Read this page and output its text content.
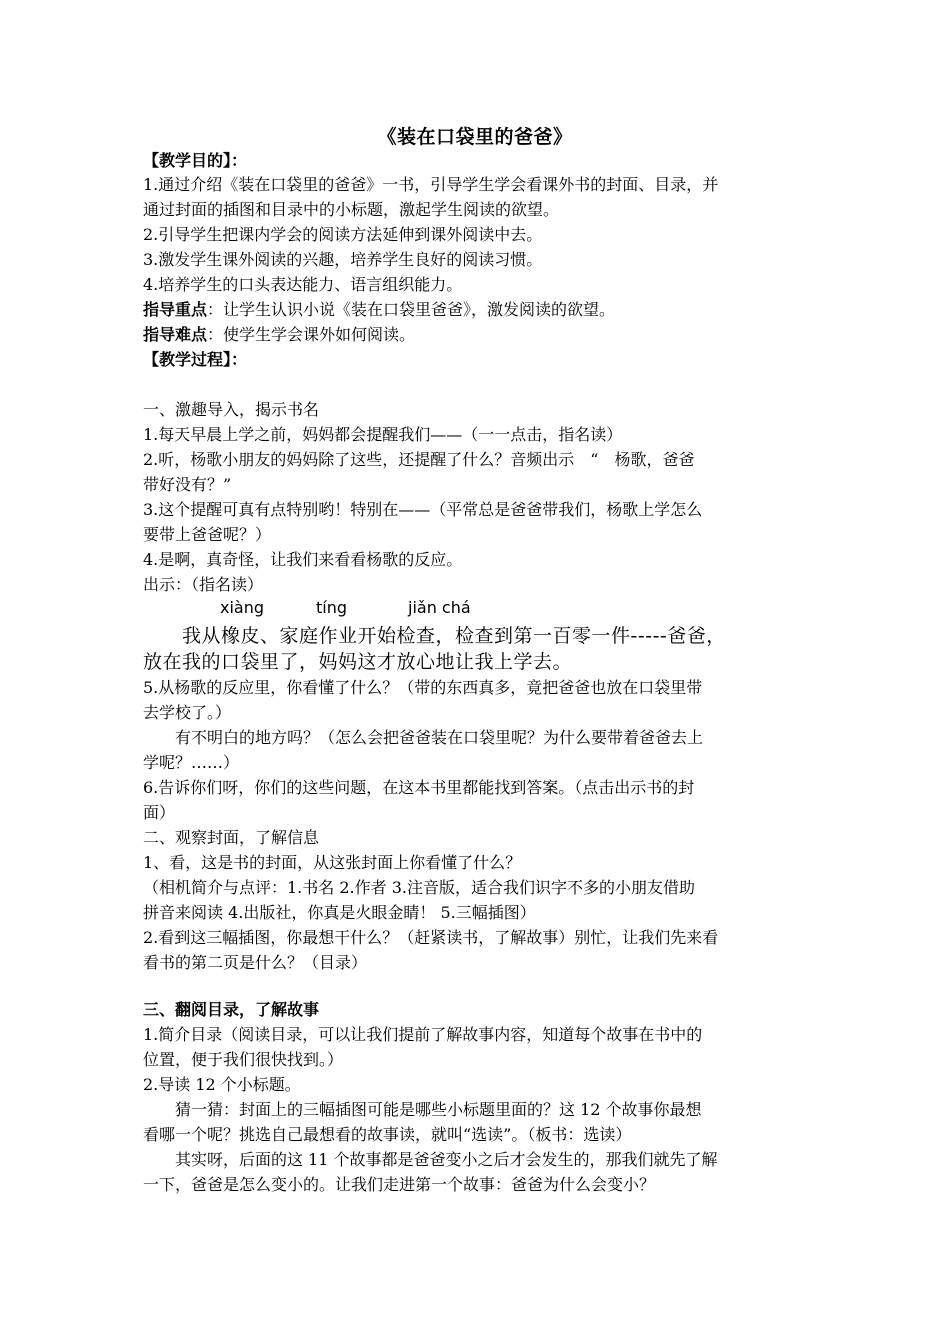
《装在口袋里的爸爸》
【教学目的】：
1.通过介绍《装在口袋里的爸爸》一书，引导学生学会看课外书的封面、目录，并
通过封面的插图和目录中的小标题，激起学生阅读的欲望。
2.引导学生把课内学会的阅读方法延伸到课外阅读中去。
3.激发学生课外阅读的兴趣，培养学生良好的阅读习惯。
4.培养学生的口头表达能力、语言组织能力。
指导重点：让学生认识小说《装在口袋里爸爸》，激发阅读的欲望。
指导难点：使学生学会课外如何阅读。
【教学过程】：
一、激趣导入，揭示书名
1.每天早晨上学之前，妈妈都会提醒我们——（一一点击，指名读）
2.听，杨歌小朋友的妈妈除了这些，还提醒了什么？音频出示　“　杨歌，爸爸
带好没有？”
3.这个提醒可真有点特别哟！特别在——（平常总是爸爸带我们，杨歌上学怎么
要带上爸爸呢？）
4.是啊，真奇怪，让我们来看看杨歌的反应。
出示：（指名读）
xiàng	tíng	jiǎn chá
　　我从橡皮、家庭作业开始检查，检查到第一百零一件-----爸爸，
放在我的口袋里了，妈妈这才放心地让我上学去。
5.从杨歌的反应里，你看懂了什么？（带的东西真多，竟把爸爸也放在口袋里带
去学校了。）
　　有不明白的地方吗？（怎么会把爸爸装在口袋里呢？为什么要带着爸爸去上
学呢？……）
6.告诉你们呀，你们的这些问题，在这本书里都能找到答案。（点击出示书的封
面）
二、观察封面，了解信息
1、看，这是书的封面，从这张封面上你看懂了什么？
（相机简介与点评：1.书名 2.作者 3.注音版，适合我们识字不多的小朋友借助
拼音来阅读 4.出版社，你真是火眼金睛！ 5.三幅插图）
2.看到这三幅插图，你最想干什么？（赶紧读书，了解故事）别忙，让我们先来看
看书的第二页是什么？（目录）
三、翻阅目录，了解故事
1.简介目录（阅读目录，可以让我们提前了解故事内容，知道每个故事在书中的
位置，便于我们很快找到。）
2.导读 12 个小标题。
　　猜一猜：封面上的三幅插图可能是哪些小标题里面的？这 12 个故事你最想
看哪一个呢？挑选自己最想看的故事读，就叫“选读”。（板书：选读）
　　其实呀，后面的这 11 个故事都是爸爸变小之后才会发生的，那我们就先了解
一下，爸爸是怎么变小的。让我们走进第一个故事：爸爸为什么会变小？
